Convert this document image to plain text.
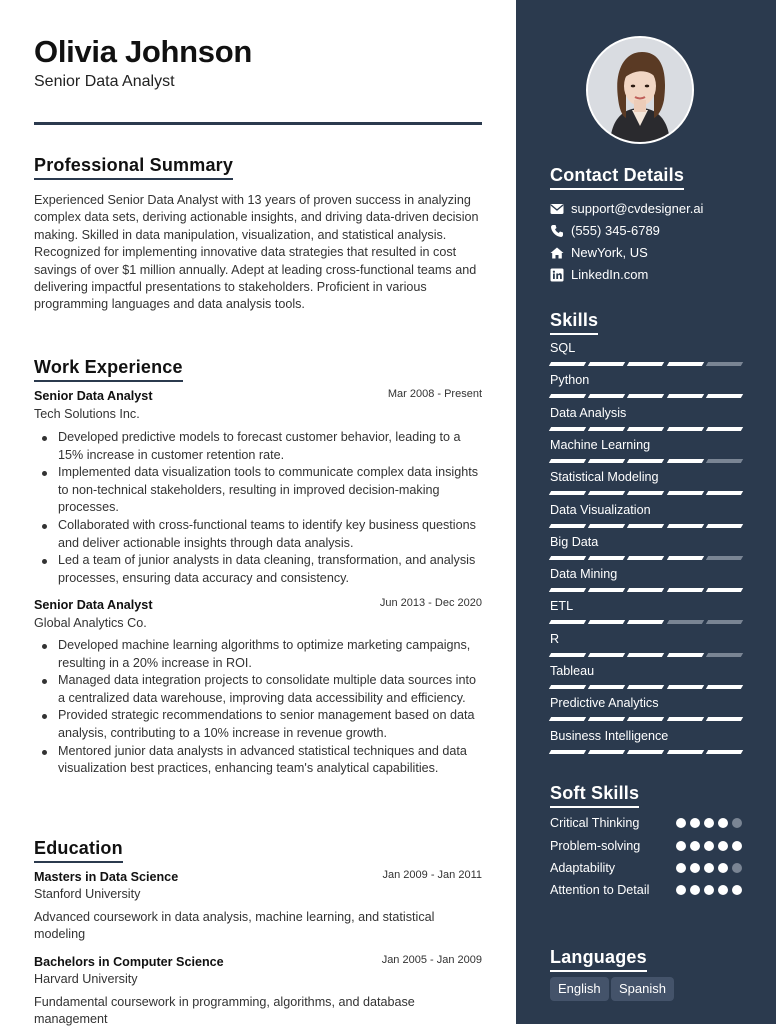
Olivia Johnson
Senior Data Analyst
Professional Summary
Experienced Senior Data Analyst with 13 years of proven success in analyzing complex data sets, deriving actionable insights, and driving data-driven decision making. Skilled in data manipulation, visualization, and statistical analysis. Recognized for implementing innovative data strategies that resulted in cost savings of over $1 million annually. Adept at leading cross-functional teams and delivering impactful presentations to stakeholders. Proficient in various programming languages and data analysis tools.
Work Experience
Senior Data Analyst	Mar 2008 - Present
Tech Solutions Inc.
Developed predictive models to forecast customer behavior, leading to a 15% increase in customer retention rate.
Implemented data visualization tools to communicate complex data insights to non-technical stakeholders, resulting in improved decision-making processes.
Collaborated with cross-functional teams to identify key business questions and deliver actionable insights through data analysis.
Led a team of junior analysts in data cleaning, transformation, and analysis processes, ensuring data accuracy and consistency.
Senior Data Analyst	Jun 2013 - Dec 2020
Global Analytics Co.
Developed machine learning algorithms to optimize marketing campaigns, resulting in a 20% increase in ROI.
Managed data integration projects to consolidate multiple data sources into a centralized data warehouse, improving data accessibility and efficiency.
Provided strategic recommendations to senior management based on data analysis, contributing to a 10% increase in revenue growth.
Mentored junior data analysts in advanced statistical techniques and data visualization best practices, enhancing team's analytical capabilities.
Education
Masters in Data Science	Jan 2009 - Jan 2011
Stanford University
Advanced coursework in data analysis, machine learning, and statistical modeling
Bachelors in Computer Science	Jan 2005 - Jan 2009
Harvard University
Fundamental coursework in programming, algorithms, and database management
Contact Details
support@cvdesigner.ai
(555) 345-6789
NewYork, US
LinkedIn.com
Skills
SQL
Python
Data Analysis
Machine Learning
Statistical Modeling
Data Visualization
Big Data
Data Mining
ETL
R
Tableau
Predictive Analytics
Business Intelligence
Soft Skills
Critical Thinking
Problem-solving
Adaptability
Attention to Detail
Languages
English	Spanish
